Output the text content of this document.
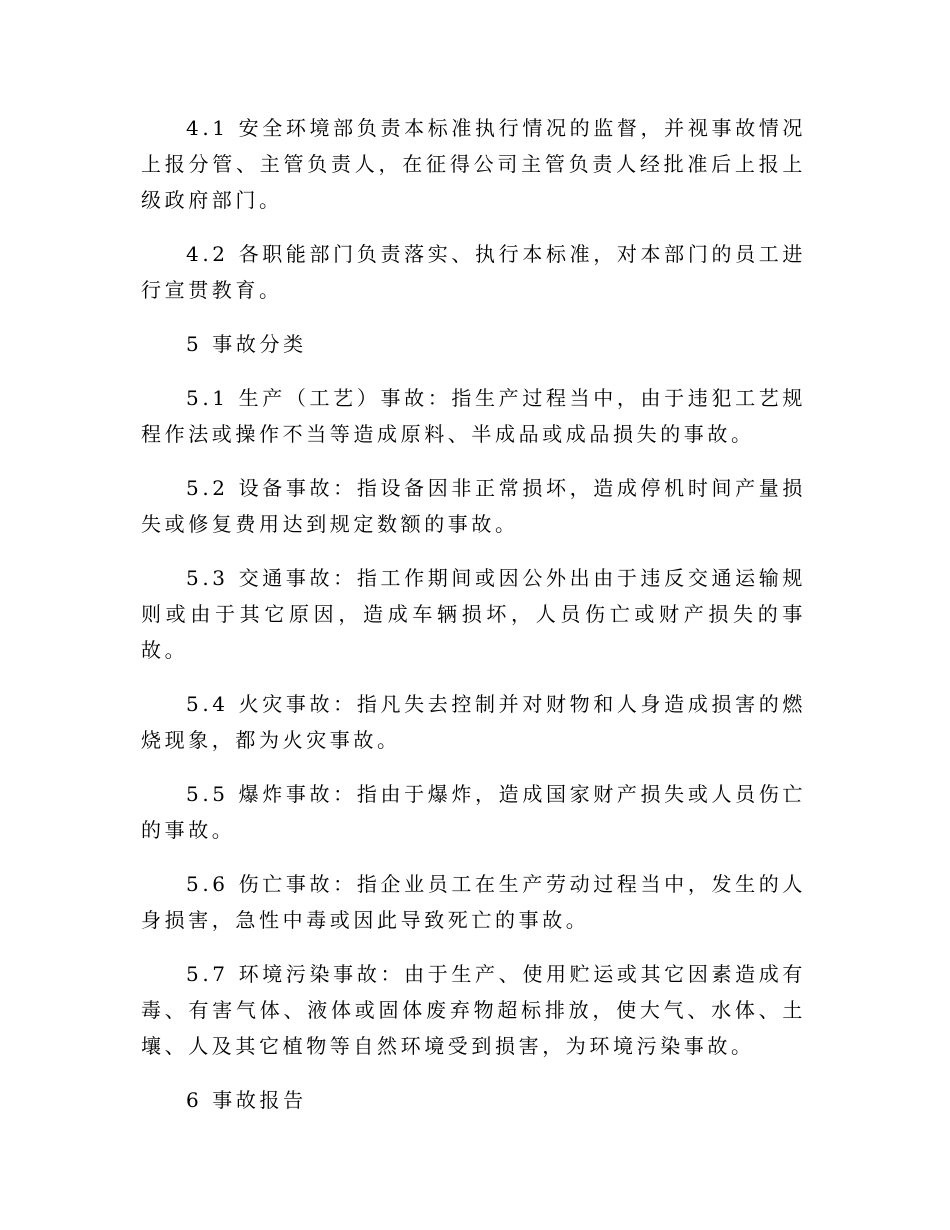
4.1 安全环境部负责本标准执行情况的监督，并视事故情况上报分管、主管负责人，在征得公司主管负责人经批准后上报上级政府部门。

4.2 各职能部门负责落实、执行本标准，对本部门的员工进行宣贯教育。

5 事故分类

5.1 生产（工艺）事故：指生产过程当中，由于违犯工艺规程作法或操作不当等造成原料、半成品或成品损失的事故。

5.2 设备事故：指设备因非正常损坏，造成停机时间产量损失或修复费用达到规定数额的事故。

5.3 交通事故：指工作期间或因公外出由于违反交通运输规则或由于其它原因，造成车辆损坏，人员伤亡或财产损失的事故。

5.4 火灾事故：指凡失去控制并对财物和人身造成损害的燃烧现象，都为火灾事故。

5.5 爆炸事故：指由于爆炸，造成国家财产损失或人员伤亡的事故。

5.6 伤亡事故：指企业员工在生产劳动过程当中，发生的人身损害，急性中毒或因此导致死亡的事故。

5.7 环境污染事故：由于生产、使用贮运或其它因素造成有毒、有害气体、液体或固体废弃物超标排放，使大气、水体、土壤、人及其它植物等自然环境受到损害，为环境污染事故。

6 事故报告
